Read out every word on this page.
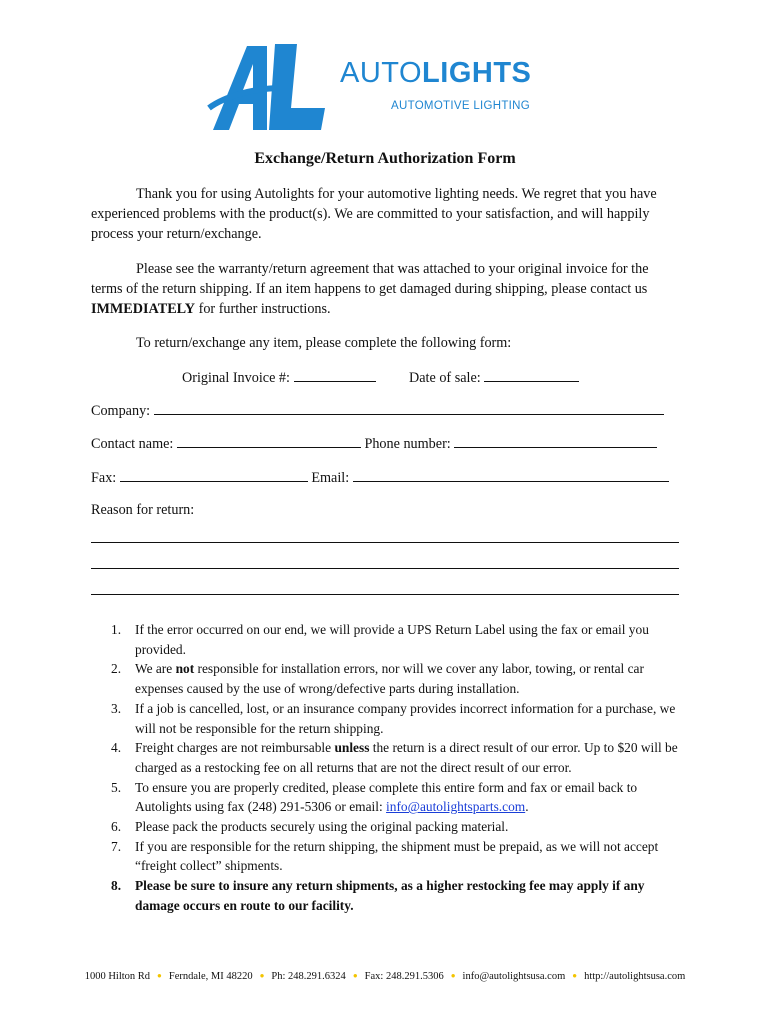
AUTOLIGHTS
AUTOMOTIVE LIGHTING
Exchange/Return Authorization Form
Thank you for using Autolights for your automotive lighting needs. We regret that you have experienced problems with the product(s). We are committed to your satisfaction, and will happily process your return/exchange.
Please see the warranty/return agreement that was attached to your original invoice for the terms of the return shipping. If an item happens to get damaged during shipping, please contact us IMMEDIATELY for further instructions.
To return/exchange any item, please complete the following form:
Original Invoice #:	Date of sale:
Company:
Contact name:	Phone number:
Fax:	Email:
Reason for return:
1. If the error occurred on our end, we will provide a UPS Return Label using the fax or email you provided.
2. We are not responsible for installation errors, nor will we cover any labor, towing, or rental car expenses caused by the use of wrong/defective parts during installation.
3. If a job is cancelled, lost, or an insurance company provides incorrect information for a purchase, we will not be responsible for the return shipping.
4. Freight charges are not reimbursable unless the return is a direct result of our error. Up to $20 will be charged as a restocking fee on all returns that are not the direct result of our error.
5. To ensure you are properly credited, please complete this entire form and fax or email back to Autolights using fax (248) 291-5306 or email: info@autolightsparts.com.
6. Please pack the products securely using the original packing material.
7. If you are responsible for the return shipping, the shipment must be prepaid, as we will not accept “freight collect” shipments.
8. Please be sure to insure any return shipments, as a higher restocking fee may apply if any damage occurs en route to our facility.
1000 Hilton Rd ● Ferndale, MI 48220 ● Ph: 248.291.6324 ● Fax: 248.291.5306 ● info@autolightsusa.com ● http://autolightsusa.com
